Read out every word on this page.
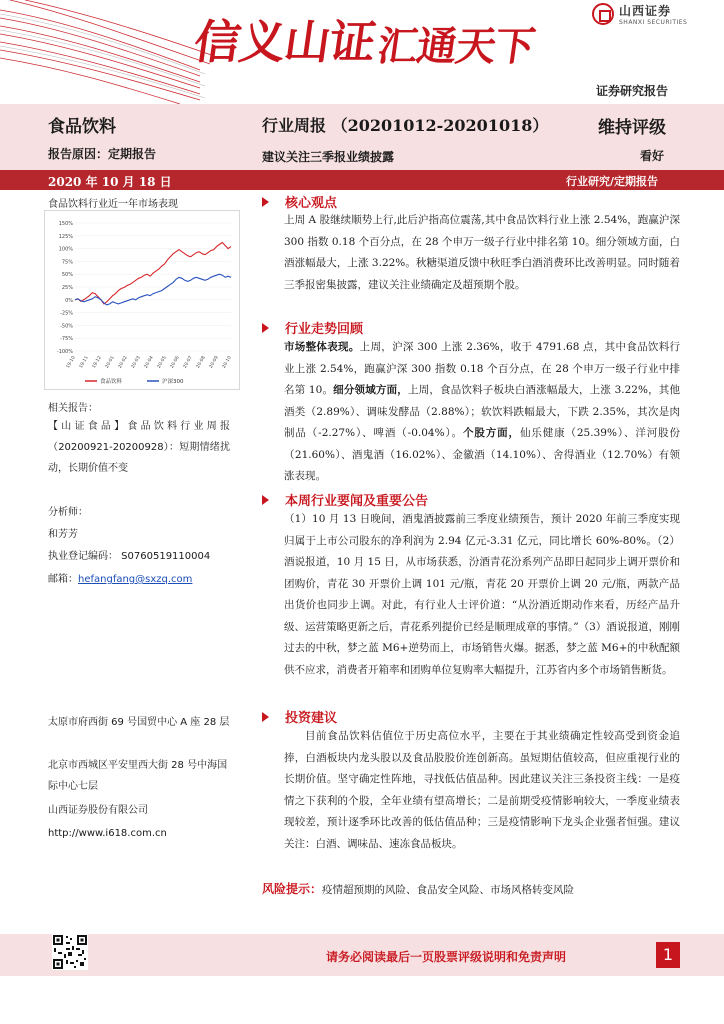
信义山证汇通天下
山西证券
SHANXI SECURITIES
证券研究报告
食品饮料
报告原因：定期报告
行业周报 （20201012-20201018）
建议关注三季报业绩披露
维持评级
看好
2020 年 10 月 18 日	行业研究/定期报告
食品饮料行业近一年市场表现
150%
125%
100%
75%
50%
25%
0%
-25%
-50%
-75%
-100%
19-10 19-11 19-12 20-01 20-02 20-03 20-04 20-05 20-06 20-07 20-08 20-09 20-10
食品饮料	沪深300
相关报告：
【山证食品】食品饮料行业周报（20200921-20200928）：短期情绪扰动，长期价值不变
分析师：
和芳芳
执业登记编码： S0760519110004
邮箱：hefangfang@sxzq.com
太原市府西街 69 号国贸中心 A 座 28 层
北京市西城区平安里西大街 28 号中海国际中心七层
山西证券股份有限公司
http://www.i618.com.cn
核心观点
上周 A 股继续顺势上行,此后沪指高位震荡,其中食品饮料行业上涨 2.54%，跑赢沪深 300 指数 0.18 个百分点，在 28 个申万一级子行业中排名第 10。细分领域方面，白酒涨幅最大，上涨 3.22%。秋糖渠道反馈中秋旺季白酒消费环比改善明显。同时随着三季报密集披露，建议关注业绩确定及超预期个股。
行业走势回顾
市场整体表现。上周，沪深 300 上涨 2.36%，收于 4791.68 点，其中食品饮料行业上涨 2.54%，跑赢沪深 300 指数 0.18 个百分点，在 28 个申万一级子行业中排名第 10。细分领域方面，上周，食品饮料子板块白酒涨幅最大，上涨 3.22%，其他酒类（2.89%）、调味发酵品（2.88%）；软饮料跌幅最大，下跌 2.35%，其次是肉制品（-2.27%）、啤酒（-0.04%）。个股方面，仙乐健康（25.39%）、洋河股份（21.60%）、酒鬼酒（16.02%）、金徽酒（14.10%）、舍得酒业（12.70%）有领涨表现。
本周行业要闻及重要公告
（1）10 月 13 日晚间，酒鬼酒披露前三季度业绩预告，预计 2020 年前三季度实现归属于上市公司股东的净利润为 2.94 亿元-3.31 亿元，同比增长 60%-80%。（2）酒说报道，10 月 15 日，从市场获悉，汾酒青花汾系列产品即日起同步上调开票价和团购价，青花 30 开票价上调 101 元/瓶，青花 20 开票价上调 20 元/瓶，两款产品出货价也同步上调。对此，有行业人士评价道：“从汾酒近期动作来看，历经产品升级、运营策略更新之后，青花系列提价已经是顺理成章的事情。”（3）酒说报道，刚刚过去的中秋，梦之蓝 M6+逆势而上，市场销售火爆。据悉，梦之蓝 M6+的中秋配额供不应求，消费者开箱率和团购单位复购率大幅提升，江苏省内多个市场销售断货。
投资建议
目前食品饮料估值位于历史高位水平，主要在于其业绩确定性较高受到资金追捧，白酒板块内龙头股以及食品股股价连创新高。虽短期估值较高，但应重视行业的长期价值。坚守确定性阵地，寻找低估值品种。因此建议关注三条投资主线：一是疫情之下获利的个股，全年业绩有望高增长；二是前期受疫情影响较大，一季度业绩表现较差，预计逐季环比改善的低估值品种；三是疫情影响下龙头企业强者恒强。建议关注：白酒、调味品、速冻食品板块。
风险提示：疫情超预期的风险、食品安全风险、市场风格转变风险
请务必阅读最后一页股票评级说明和免责声明	1
